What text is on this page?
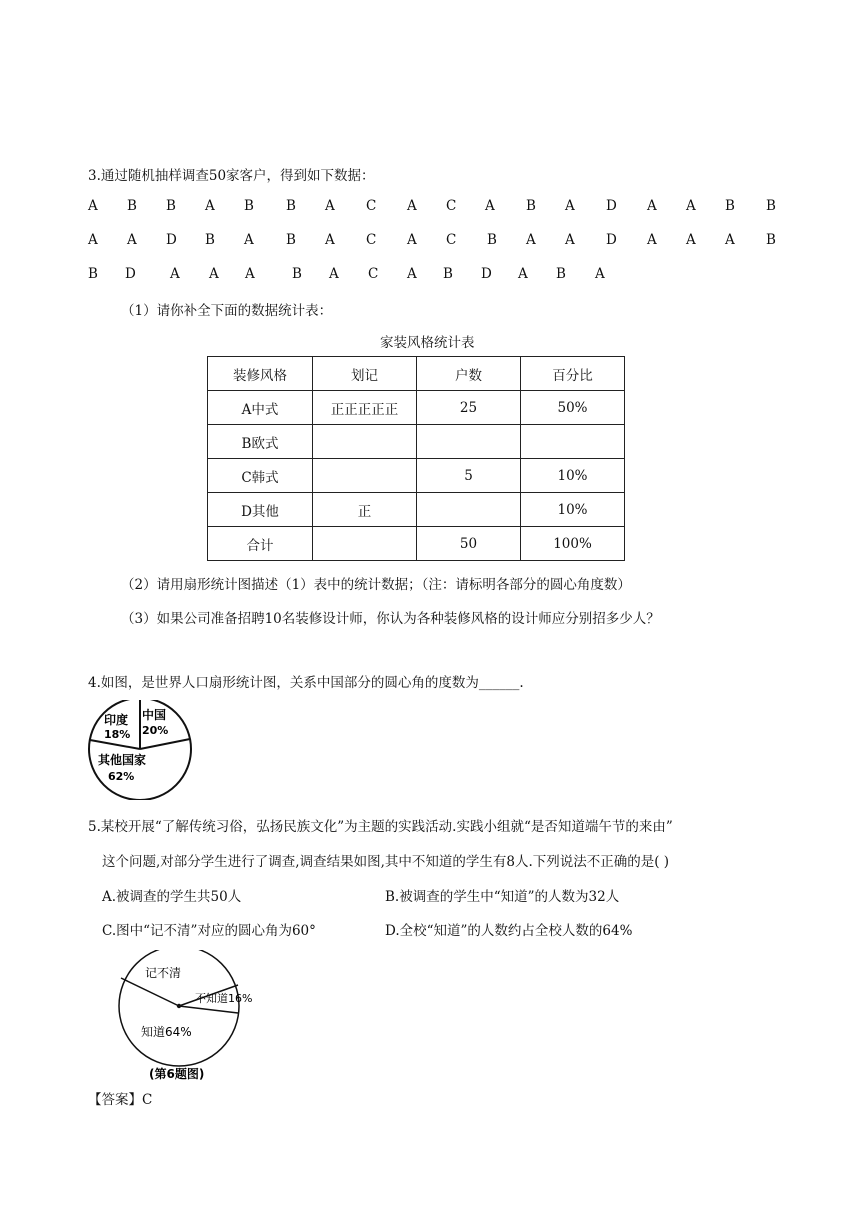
3.通过随机抽样调查50家客户，得到如下数据：
A B B A B B A C A C A B A D A A B B
A A D B A B A C A C B A A D A A A B
B D	A A A	B A C A B D A B A
（1）请你补全下面的数据统计表：
家装风格统计表
装修风格	划记	户数	百分比
A中式	正正正正正	25	50%
B欧式			
C韩式		5	10%
D其他	正		10%
合计		50	100%
（2）请用扇形统计图描述（1）表中的统计数据；（注：请标明各部分的圆心角度数）
（3）如果公司准备招聘10名装修设计师，你认为各种装修风格的设计师应分别招多少人？
4.如图，是世界人口扇形统计图，关系中国部分的圆心角的度数为______.
印度
18%
中国
20%
其他国家
62%
5.某校开展“了解传统习俗，弘扬民族文化”为主题的实践活动.实践小组就“是否知道端午节的来由”
这个问题,对部分学生进行了调查,调查结果如图,其中不知道的学生有8人.下列说法不正确的是( )
A.被调查的学生共50人	B.被调查的学生中“知道”的人数为32人
C.图中“记不清”对应的圆心角为60°	D.全校“知道”的人数约占全校人数的64%
记不清
不知道16%
知道64%
(第6题图)
【答案】C
